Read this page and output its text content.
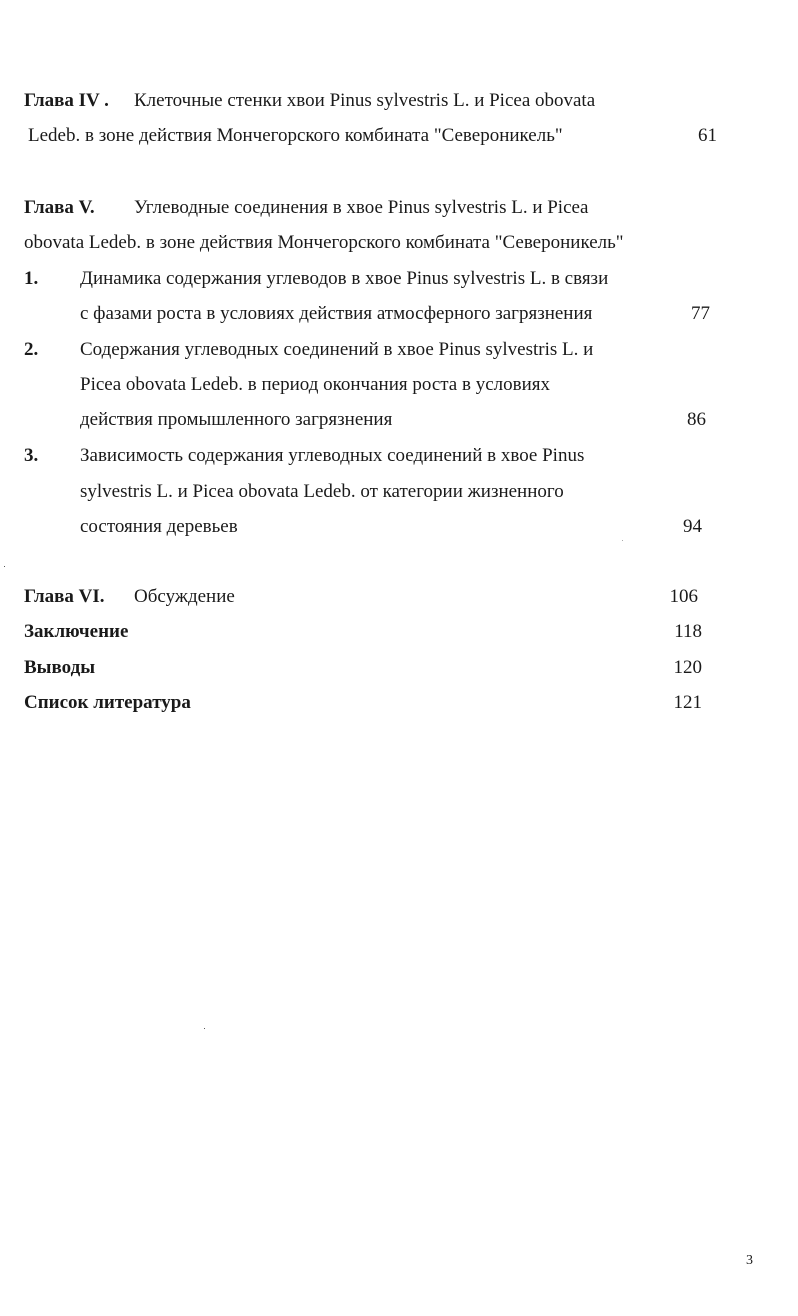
Глава IV . Клеточные стенки хвои Pinus sylvestris L. и Picea obovata
Ledeb. в зоне действия Мончегорского комбината "Североникель"	61
Глава V. Углеводные соединения в хвое Pinus sylvestris L. и Picea
obovata Ledeb. в зоне действия Мончегорского комбината "Североникель"
1. Динамика содержания углеводов в хвое Pinus sylvestris L. в связи
с фазами роста в условиях действия атмосферного загрязнения	77
2. Содержания углеводных соединений в хвое Pinus sylvestris L. и
Picea obovata Ledeb. в период окончания роста в условиях
действия промышленного загрязнения	86
3. Зависимость содержания углеводных соединений в хвое Pinus
sylvestris L. и Picea obovata Ledeb. от категории жизненного
состояния деревьев	94
Глава VI. Обсуждение	106
Заключение	118
Выводы	120
Список литература	121
3
